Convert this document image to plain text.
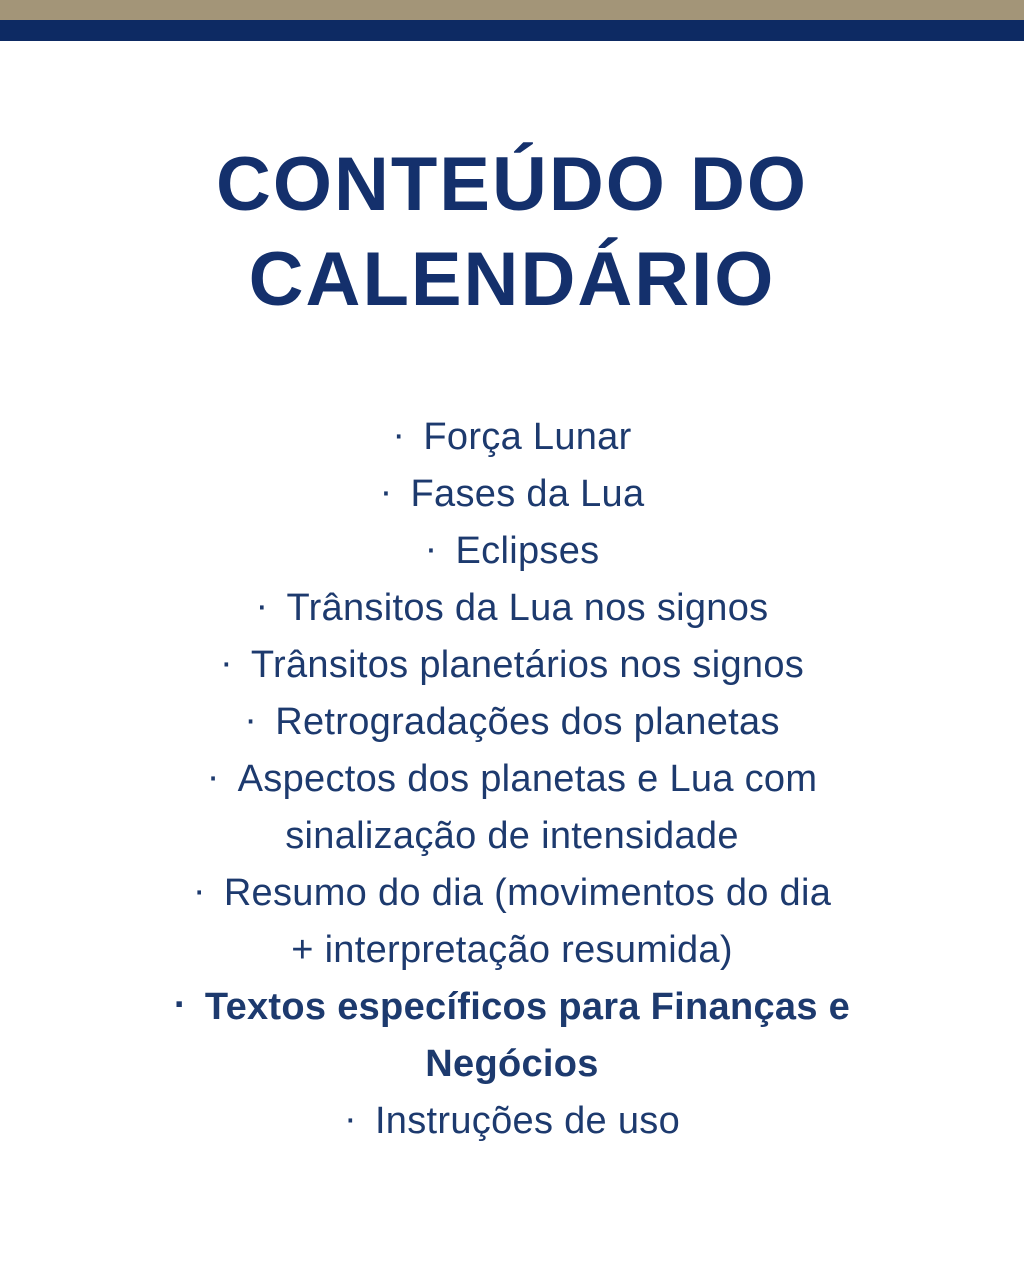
CONTEÚDO DO
CALENDÁRIO
· Força Lunar
· Fases da Lua
· Eclipses
· Trânsitos da Lua nos signos
· Trânsitos planetários nos signos
· Retrogradações dos planetas
· Aspectos dos planetas e Lua com
sinalização de intensidade
· Resumo do dia (movimentos do dia
+ interpretação resumida)
· Textos específicos para Finanças e
Negócios
· Instruções de uso
